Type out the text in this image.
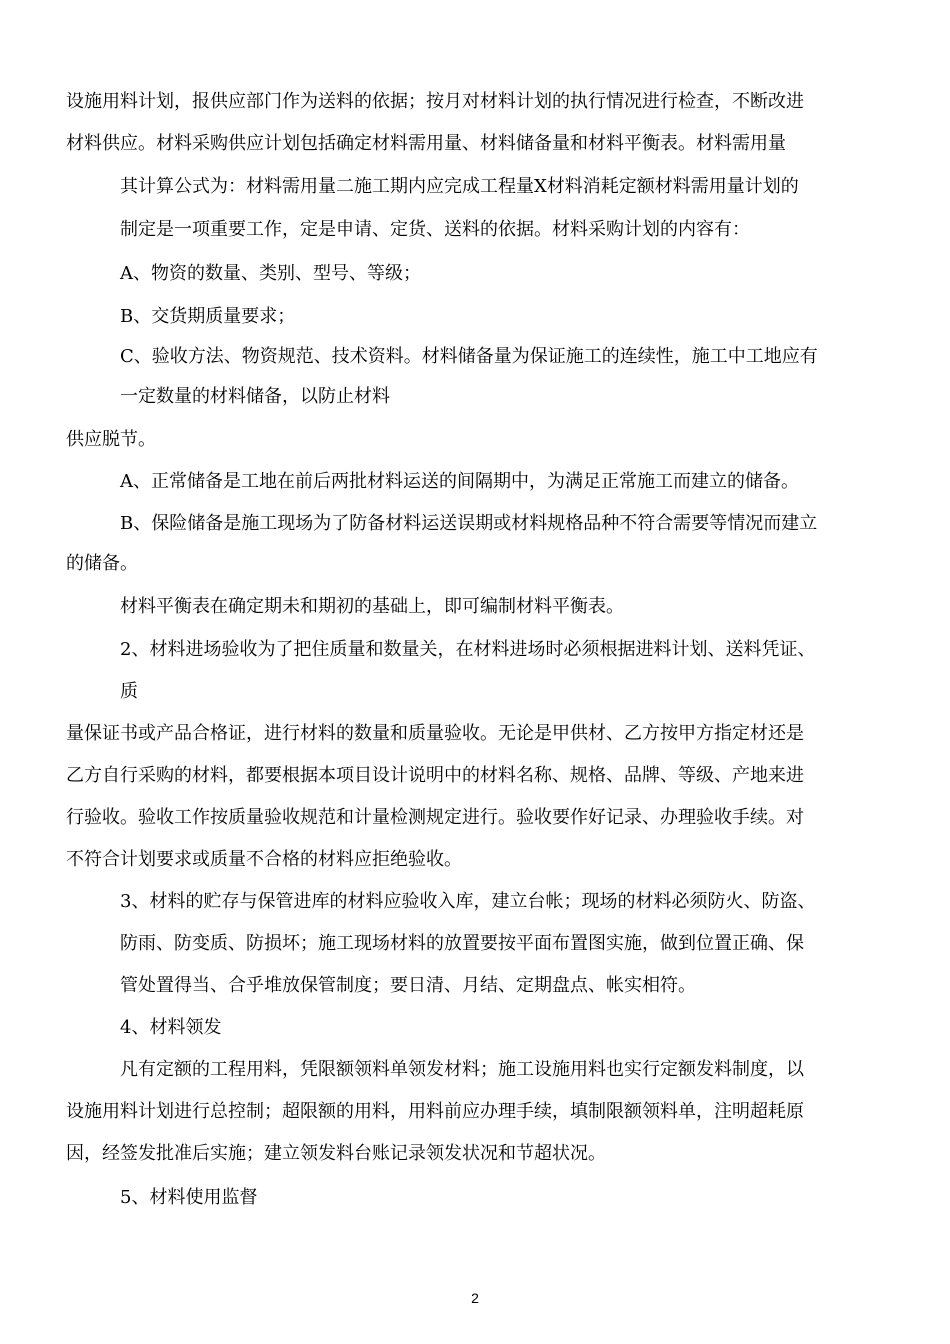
设施用料计划，报供应部门作为送料的依据；按月对材料计划的执行情况进行检查，不断改进

材料供应。材料采购供应计划包括确定材料需用量、材料储备量和材料平衡表。材料需用量

其计算公式为：材料需用量二施工期内应完成工程量X材料消耗定额材料需用量计划的

制定是一项重要工作，定是申请、定货、送料的依据。材料采购计划的内容有：

A、物资的数量、类别、型号、等级；

B、交货期质量要求；

C、验收方法、物资规范、技术资料。材料储备量为保证施工的连续性，施工中工地应有

一定数量的材料储备，以防止材料

供应脱节。

A、正常储备是工地在前后两批材料运送的间隔期中，为满足正常施工而建立的储备。

B、保险储备是施工现场为了防备材料运送误期或材料规格品种不符合需要等情况而建立

的储备。

材料平衡表在确定期未和期初的基础上，即可编制材料平衡表。

2、材料进场验收为了把住质量和数量关，在材料进场时必须根据进料计划、送料凭证、

质

量保证书或产品合格证，进行材料的数量和质量验收。无论是甲供材、乙方按甲方指定材还是

乙方自行采购的材料，都要根据本项目设计说明中的材料名称、规格、品牌、等级、产地来进

行验收。验收工作按质量验收规范和计量检测规定进行。验收要作好记录、办理验收手续。对

不符合计划要求或质量不合格的材料应拒绝验收。

3、材料的贮存与保管进库的材料应验收入库，建立台帐；现场的材料必须防火、防盗、

防雨、防变质、防损坏；施工现场材料的放置要按平面布置图实施，做到位置正确、保

管处置得当、合乎堆放保管制度；要日清、月结、定期盘点、帐实相符。

4、材料领发

凡有定额的工程用料，凭限额领料单领发材料；施工设施用料也实行定额发料制度，以

设施用料计划进行总控制；超限额的用料，用料前应办理手续，填制限额领料单，注明超耗原

因，经签发批准后实施；建立领发料台账记录领发状况和节超状况。

5、材料使用监督

2
